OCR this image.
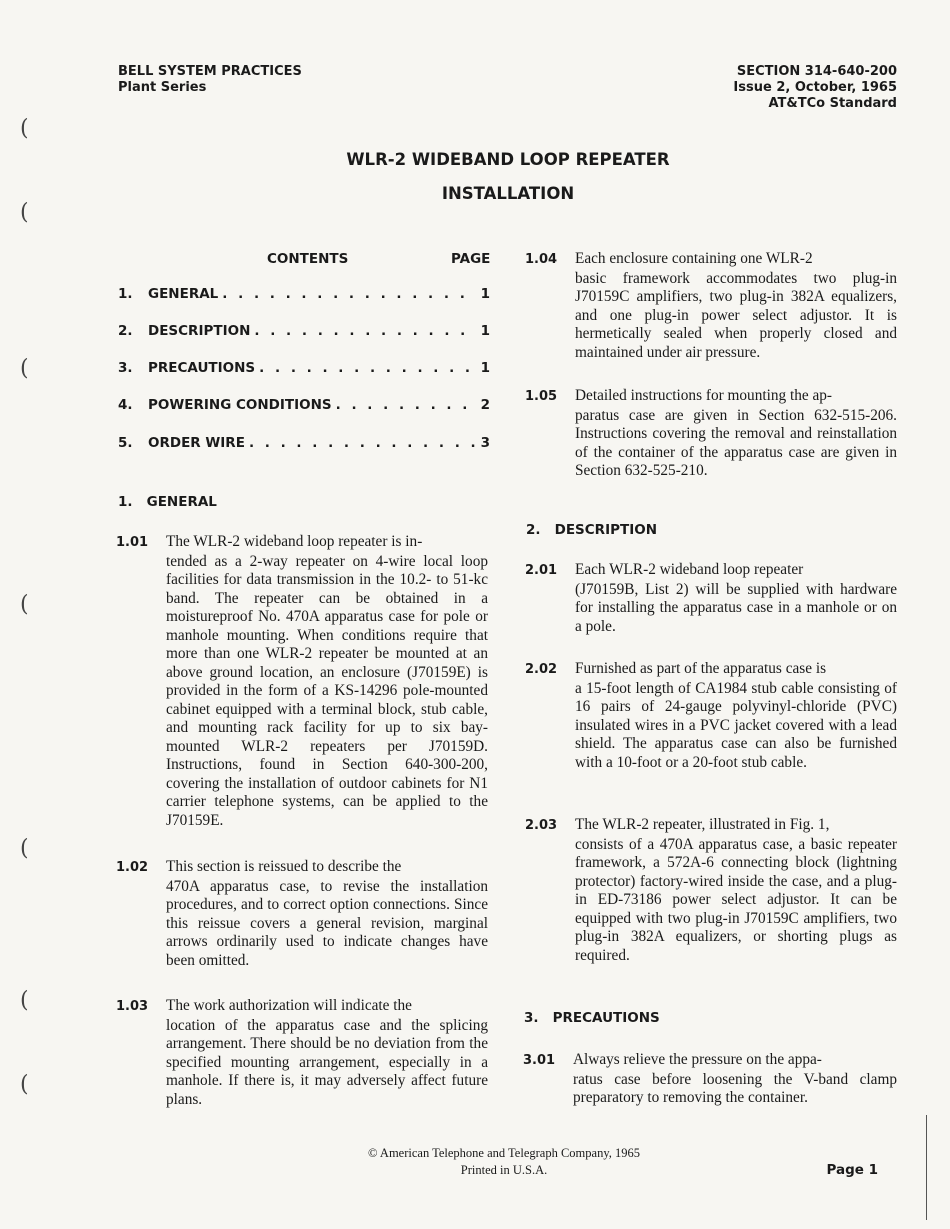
BELL SYSTEM PRACTICES
Plant Series
SECTION 314-640-200
Issue 2, October, 1965
AT&TCo Standard
WLR-2 WIDEBAND LOOP REPEATER
INSTALLATION
CONTENTS	PAGE
1.	GENERAL . . .	1
2.	DESCRIPTION . . .	1
3.	PRECAUTIONS . . .	1
4.	POWERING CONDITIONS . . .	2
5.	ORDER WIRE . . .	3
1.   GENERAL
1.01 The WLR-2 wideband loop repeater is in-
tended as a 2-way repeater on 4-wire local loop facilities for data transmission in the 10.2- to 51-kc band. The repeater can be obtained in a moistureproof No. 470A apparatus case for pole or manhole mounting. When conditions require that more than one WLR-2 repeater be mounted at an above ground location, an enclosure (J70159E) is provided in the form of a KS-14296 pole-mounted cabinet equipped with a terminal block, stub cable, and mounting rack facility for up to six bay-mounted WLR-2 repeaters per J70159D. Instructions, found in Section 640-300-200, covering the installation of outdoor cabinets for N1 carrier telephone systems, can be applied to the J70159E.
1.02 This section is reissued to describe the
470A apparatus case, to revise the installation procedures, and to correct option connections. Since this reissue covers a general revision, marginal arrows ordinarily used to indicate changes have been omitted.
1.03 The work authorization will indicate the
location of the apparatus case and the splicing arrangement. There should be no deviation from the specified mounting arrangement, especially in a manhole. If there is, it may adversely affect future plans.
1.04 Each enclosure containing one WLR-2
basic framework accommodates two plug-in J70159C amplifiers, two plug-in 382A equalizers, and one plug-in power select adjustor. It is hermetically sealed when properly closed and maintained under air pressure.
1.05 Detailed instructions for mounting the ap-
paratus case are given in Section 632-515-206. Instructions covering the removal and reinstallation of the container of the apparatus case are given in Section 632-525-210.
2.   DESCRIPTION
2.01 Each WLR-2 wideband loop repeater
(J70159B, List 2) will be supplied with hardware for installing the apparatus case in a manhole or on a pole.
2.02 Furnished as part of the apparatus case is
a 15-foot length of CA1984 stub cable consisting of 16 pairs of 24-gauge polyvinyl-chloride (PVC) insulated wires in a PVC jacket covered with a lead shield. The apparatus case can also be furnished with a 10-foot or a 20-foot stub cable.
2.03 The WLR-2 repeater, illustrated in Fig. 1,
consists of a 470A apparatus case, a basic repeater framework, a 572A-6 connecting block (lightning protector) factory-wired inside the case, and a plug-in ED-73186 power select adjustor. It can be equipped with two plug-in J70159C amplifiers, two plug-in 382A equalizers, or shorting plugs as required.
3.   PRECAUTIONS
3.01 Always relieve the pressure on the appa-
ratus case before loosening the V-band clamp preparatory to removing the container.
© American Telephone and Telegraph Company, 1965
Printed in U.S.A.	Page 1
(
(
(
(
(
(
(
